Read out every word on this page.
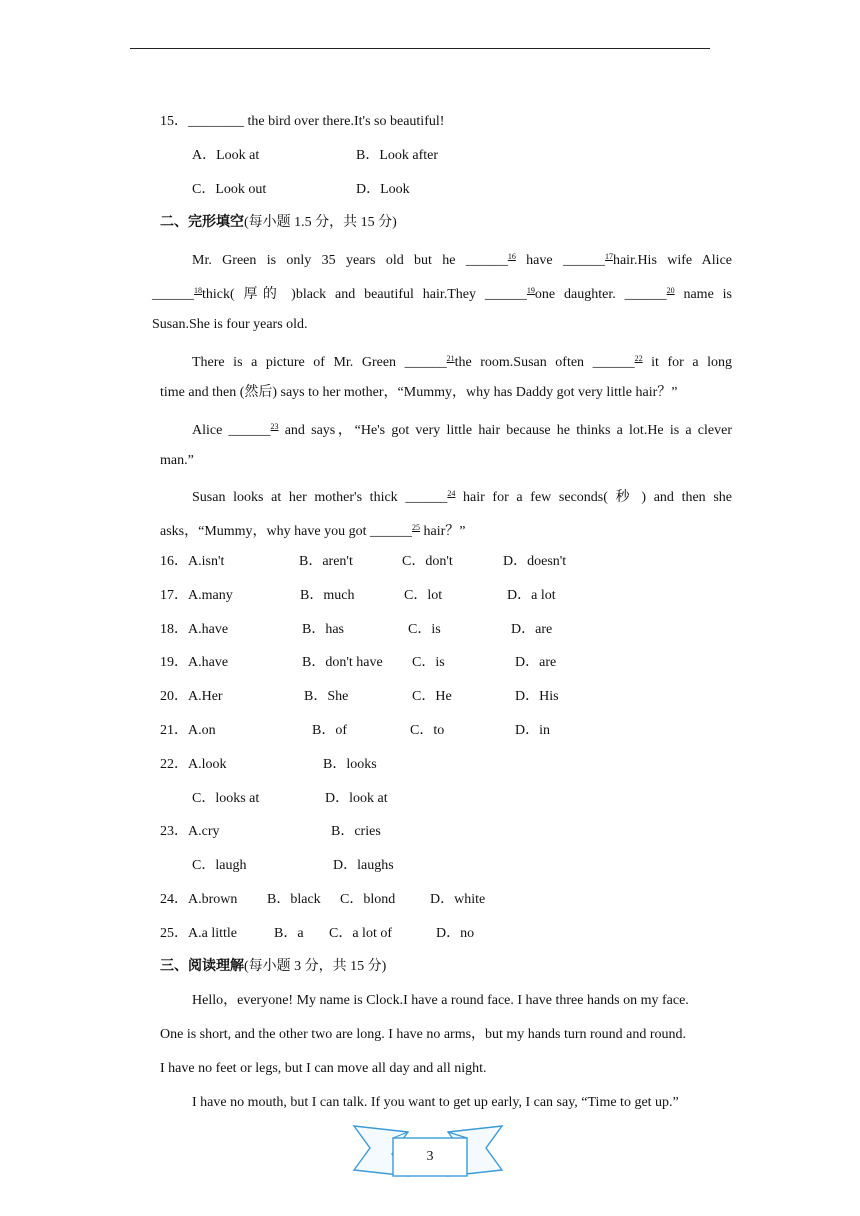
15．________ the bird over there.It's so beautiful!
A．Look at	B．Look after
C．Look out	D．Look
二、完形填空(每小题 1.5 分，共 15 分)
Mr. Green is only 35 years old but he ______$^{16}$ have ______$^{17}$hair.His wife Alice
______$^{18}$thick( 厚的 )black and beautiful hair.They ______$^{19}$one daughter. ______$^{20}$ name is
Susan.She is four years old.
There is a picture of Mr. Green ______$^{21}$the room.Susan often ______$^{22}$ it for a long
time and then (然后) says to her mother，“Mummy，why has Daddy got very little hair？”
Alice ______$^{23}$ and says，“He's got very little hair because he thinks a lot.He is a clever
man.”
Susan looks at her mother's thick ______$^{24}$ hair for a few seconds( 秒 ) and then she
asks，“Mummy，why have you got ______$^{25}$ hair？”
16．A.isn't	B．aren't	C．don't	D．doesn't
17．A.many	B．much	C．lot	D．a lot
18．A.have	B．has	C．is	D．are
19．A.have	B．don't have C．is	D．are
20．A.Her	B．She	C．He	D．His
21．A.on	B．of	C．to	D．in
22．A.look	B．looks
C．looks at	D．look at
23．A.cry	B．cries
C．laugh	D．laughs
24．A.brown B．black C．blond D．white
25．A.a little	B．a C．a lot of	D．no
三、阅读理解(每小题 3 分，共 15 分)
Hello，everyone! My name is Clock.I have a round face. I have three hands on my face.
One is short, and the other two are long. I have no arms，but my hands turn round and round.
I have no feet or legs, but I can move all day and all night.
I have no mouth, but I can talk. If you want to get up early, I can say, “Time to get up.”
3
